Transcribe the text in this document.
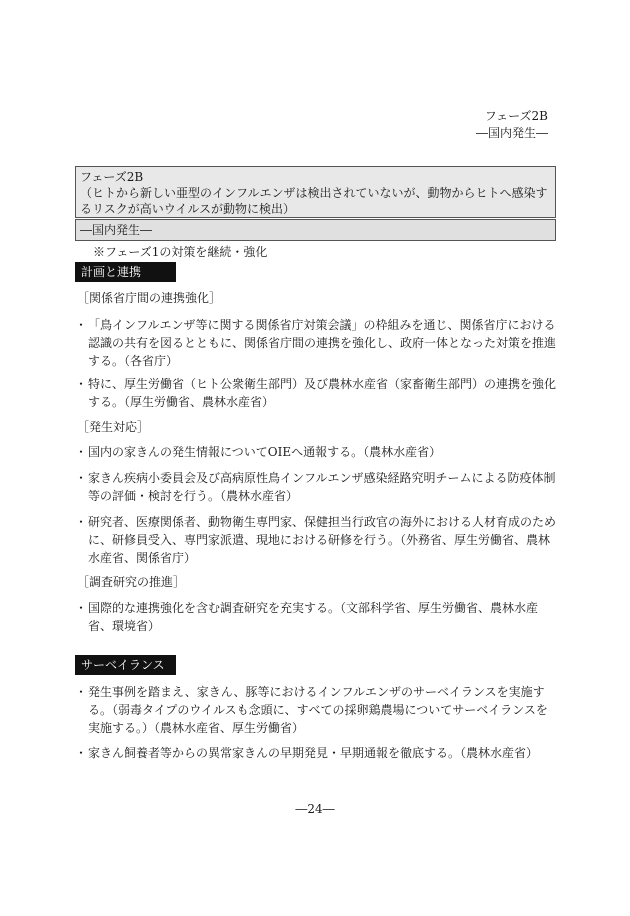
フェーズ2B
―国内発生―
フェーズ2B
（ヒトから新しい亜型のインフルエンザは検出されていないが、動物からヒトへ感染するリスクが高いウイルスが動物に検出）
―国内発生―

※フェーズ1の対策を継続・強化

計画と連携

［関係省庁間の連携強化］

・ 「鳥インフルエンザ等に関する関係省庁対策会議」の枠組みを通じ、関係省庁における認識の共有を図るとともに、関係省庁間の連携を強化し、政府一体となった対策を推進する。（各省庁）
・ 特に、厚生労働省（ヒト公衆衛生部門）及び農林水産省（家畜衛生部門）の連携を強化する。（厚生労働省、農林水産省）

［発生対応］

・ 国内の家きんの発生情報についてOIEへ通報する。（農林水産省）
・ 家きん疾病小委員会及び高病原性鳥インフルエンザ感染経路究明チームによる防疫体制等の評価・検討を行う。（農林水産省）
・ 研究者、医療関係者、動物衛生専門家、保健担当行政官の海外における人材育成のために、研修員受入、専門家派遣、現地における研修を行う。（外務省、厚生労働省、農林水産省、関係省庁）

［調査研究の推進］

・ 国際的な連携強化を含む調査研究を充実する。（文部科学省、厚生労働省、農林水産省、環境省）
サーベイランス
・ 発生事例を踏まえ、家きん、豚等におけるインフルエンザのサーベイランスを実施する。（弱毒タイプのウイルスも念頭に、すべての採卵鶏農場についてサーベイランスを実施する。）（農林水産省、厚生労働省）
・ 家きん飼養者等からの異常家きんの早期発見・早期通報を徹底する。（農林水産省）
―24―
